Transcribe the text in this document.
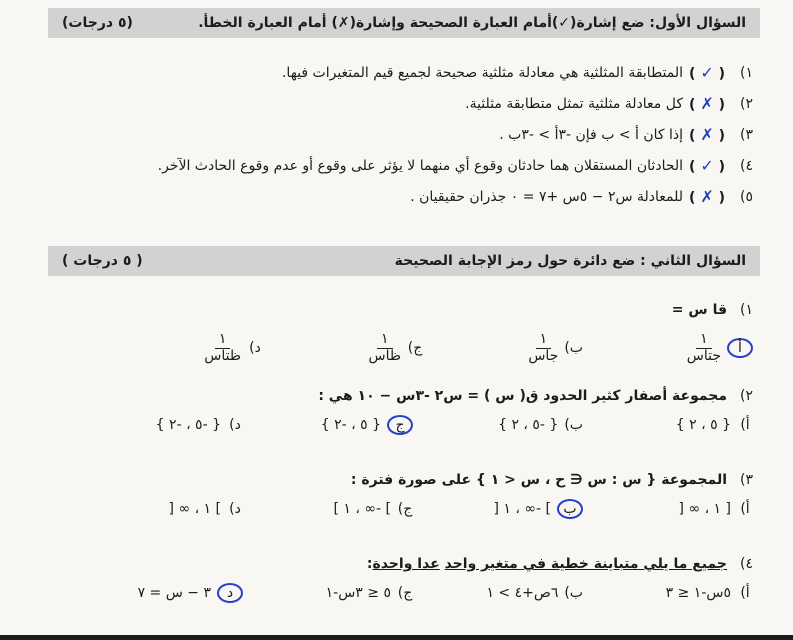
السؤال الأول: ضع إشارة(✓)أمام العبارة الصحيحة وإشارة(✗) أمام العبارة الخطأ.
(٥ درجات)
١)
( ✓ )
المتطابقة المثلثية هي معادلة مثلثية صحيحة لجميع قيم المتغيرات فيها.
٢)
( ✗ )
كل معادلة مثلثية تمثل متطابقة مثلثية.
٣)
( ✗ )
إذا كان أ > ب فإن -٣أ > -٣ب .
٤)
( ✓ )
الحادثان المستقلان هما حادثان وقوع أي منهما لا يؤثر على وقوع أو عدم وقوع الحادث الآخر.
٥)
( ✗ )
للمعادلة س٢ − ٥س +٧ = ٠ جذران حقيقيان .
السؤال الثاني : ضع دائرة حول رمز الإجابة الصحيحة
( ٥ درجات )
١)
قا س =
أ
$\frac{١}{\text{جتاس}}$
ب)
$\frac{١}{\text{جاس}}$
ج)
$\frac{١}{\text{ظاس}}$
د)
$\frac{١}{\text{ظتاس}}$
٢)
مجموعة أصفار كثير الحدود ق( س ) = س٢ -٣س − ١٠ هي :
أ)
{ ٥ ، ٢ }
ب)
{ -٥ ، ٢ }
ج
{ ٥ ، -٢ }
د)
{ -٥ ، -٢ }
٣)
المجموعة { س : س ∈ ح ، س < ١ } على صورة فترة :
أ)
[ ١ ، ∞ [
ب
] -∞ ، ١ [
ج)
] -∞ ، ١ ]
د)
] ١ ، ∞ [
٤)
جميع ما يلي متباينة خطية في متغير واحد

عدا واحدة
:
أ)
٥س-١ ≤ ٣
ب)
٦ص+٤ > ١
ج)
٥ ≤ ٣س-١
د
٣ − س = ٧
